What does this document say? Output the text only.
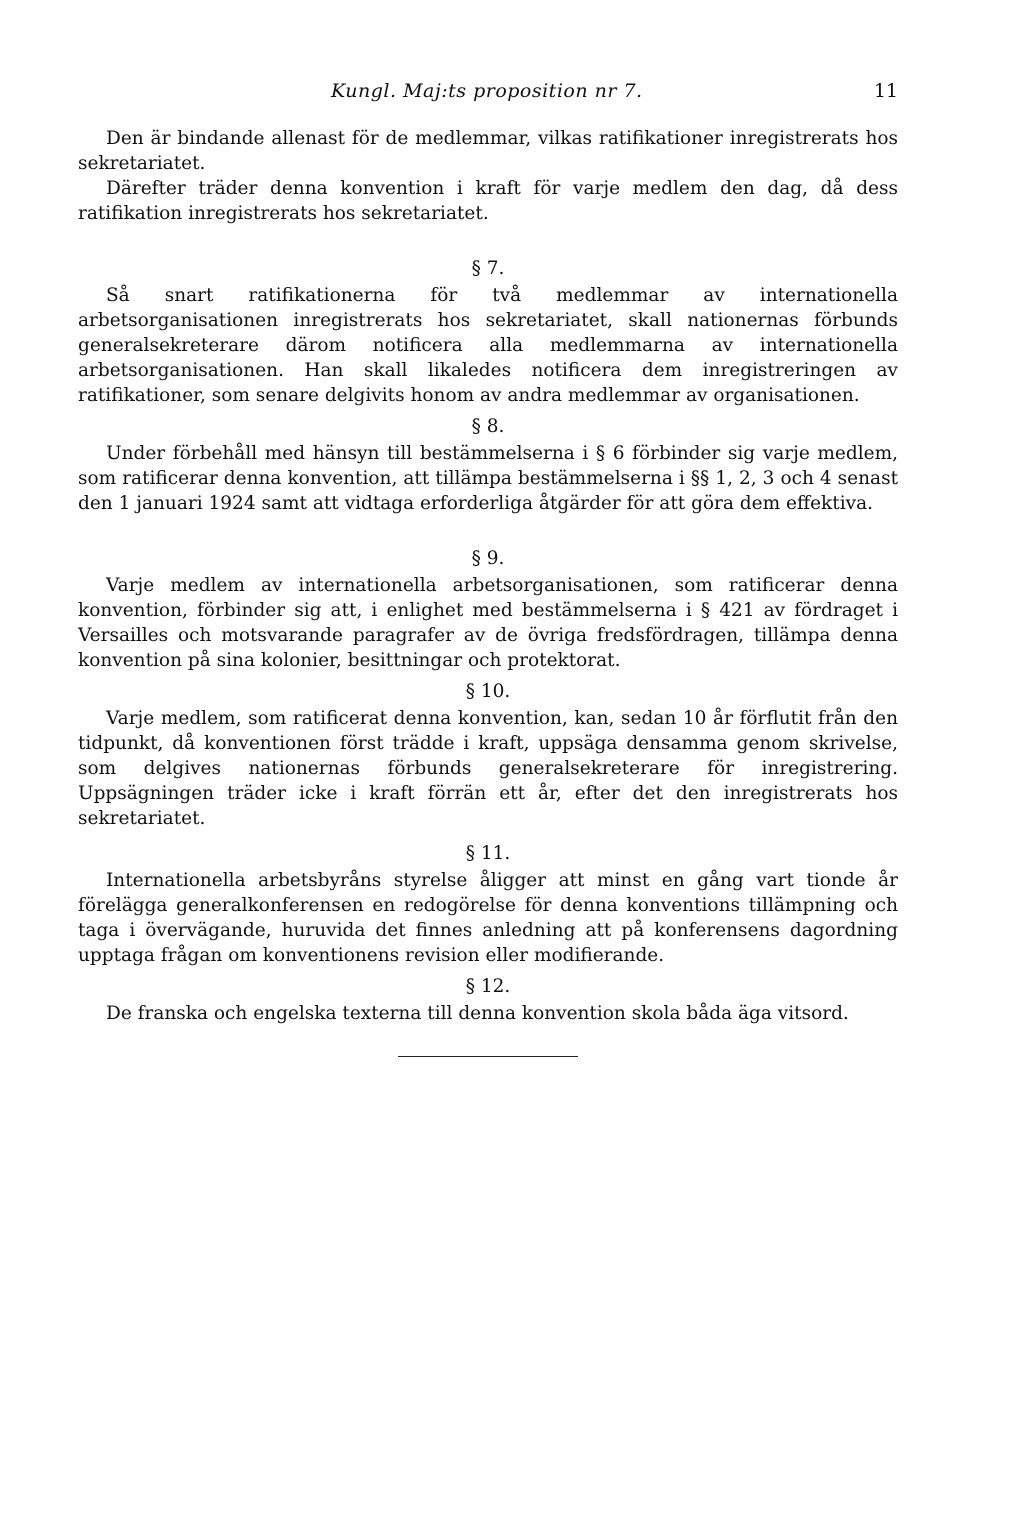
Kungl. Maj:ts proposition nr 7.	11

Den är bindande allenast för de medlemmar, vilkas ratifikationer inregistrerats hos sekretariatet.

Därefter träder denna konvention i kraft för varje medlem den dag, då dess ratifikation inregistrerats hos sekretariatet.

§ 7.

Så snart ratifikationerna för två medlemmar av internationella arbetsorganisationen inregistrerats hos sekretariatet, skall nationernas förbunds generalsekreterare därom notificera alla medlemmarna av internationella arbetsorganisationen. Han skall likaledes notificera dem inregistreringen av ratifikationer, som senare delgivits honom av andra medlemmar av organisationen.

§ 8.

Under förbehåll med hänsyn till bestämmelserna i § 6 förbinder sig varje medlem, som ratificerar denna konvention, att tillämpa bestämmelserna i §§ 1, 2, 3 och 4 senast den 1 januari 1924 samt att vidtaga erforderliga åtgärder för att göra dem effektiva.

§ 9.

Varje medlem av internationella arbetsorganisationen, som ratificerar denna konvention, förbinder sig att, i enlighet med bestämmelserna i § 421 av fördraget i Versailles och motsvarande paragrafer av de övriga fredsfördragen, tillämpa denna konvention på sina kolonier, besittningar och protektorat.

§ 10.

Varje medlem, som ratificerat denna konvention, kan, sedan 10 år förflutit från den tidpunkt, då konventionen först trädde i kraft, uppsäga densamma genom skrivelse, som delgives nationernas förbunds generalsekreterare för inregistrering. Uppsägningen träder icke i kraft förrän ett år, efter det den inregistrerats hos sekretariatet.

§ 11.

Internationella arbetsbyråns styrelse åligger att minst en gång vart tionde år förelägga generalkonferensen en redogörelse för denna konventions tillämpning och taga i övervägande, huruvida det finnes anledning att på konferensens dagordning upptaga frågan om konventionens revision eller modifierande.

§ 12.

De franska och engelska texterna till denna konvention skola båda äga vitsord.
